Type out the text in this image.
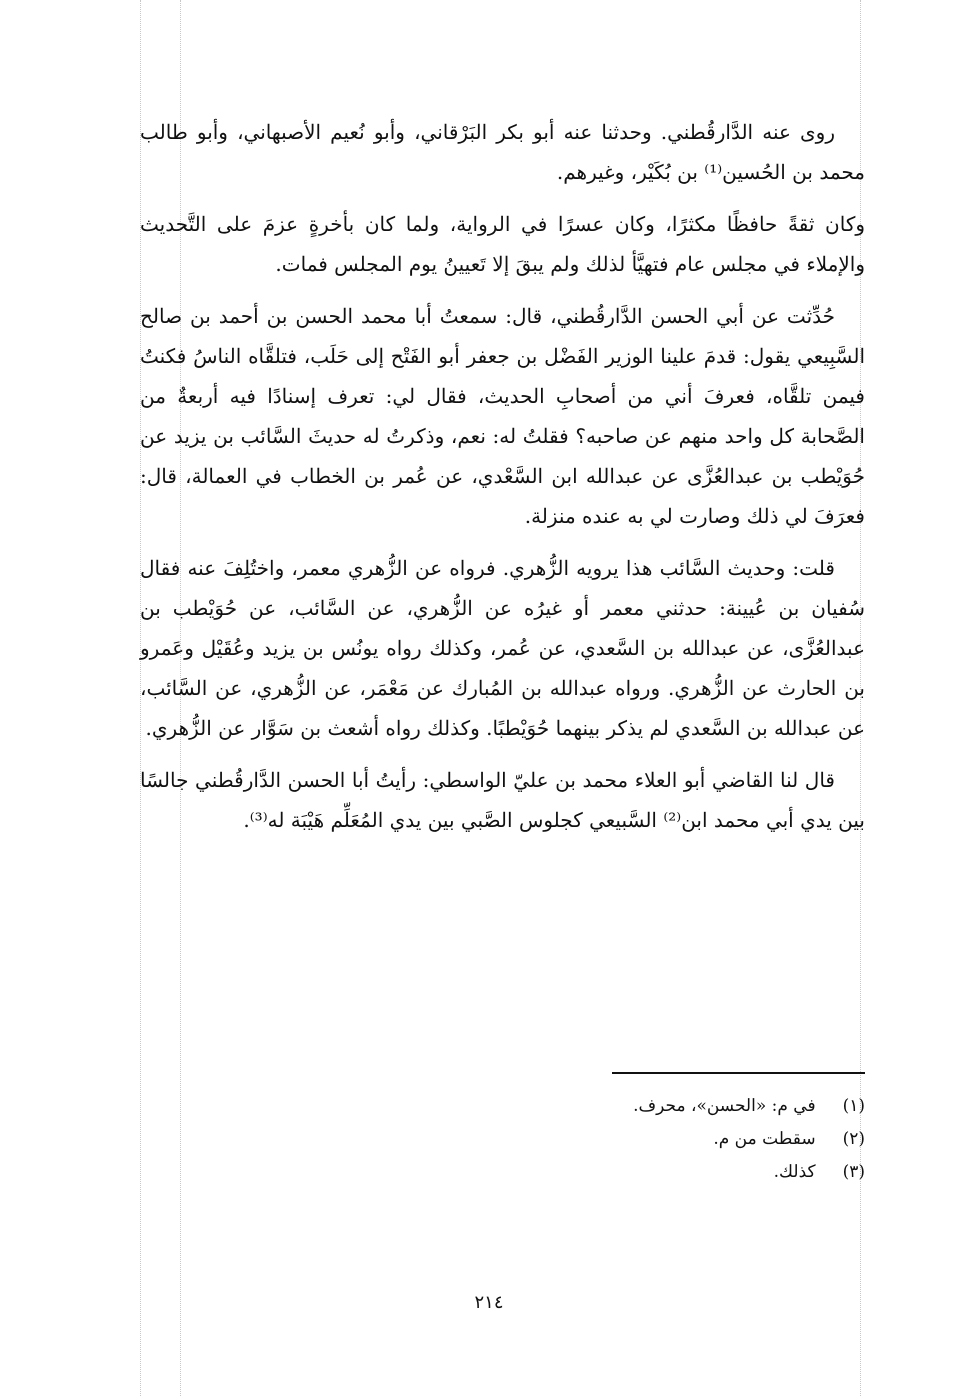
روى عنه الدَّارقُطني. وحدثنا عنه أبو بكر البَرْقاني، وأبو نُعيم الأصبهاني، وأبو طالب محمد بن الحُسين⁽¹⁾ بن بُكَيْر، وغيرهم.

وكان ثقةً حافظًا مكثرًا، وكان عسرًا في الرواية، ولما كان بأخرةٍ عزمَ على التَّحديث والإملاء في مجلس عام فتهيَّأ لذلك ولم يبقَ إلا تَعيينُ يوم المجلس فمات.

حُدِّثت عن أبي الحسن الدَّارقُطني، قال: سمعتُ أبا محمد الحسن بن أحمد بن صالح السَّبِيعي يقول: قدمَ علينا الوزير الفَضْل بن جعفر أبو الفَتْح إلى حَلَب، فتلقَّاه الناسُ فكنتُ فيمن تلقَّاه، فعرفَ أني من أصحابِ الحديث، فقال لي: تعرف إسنادًا فيه أربعةٌ من الصَّحابة كل واحد منهم عن صاحبه؟ فقلتُ له: نعم، وذكرتُ له حديثَ السَّائب بن يزيد عن حُوَيْطب بن عبدالعُزَّى عن عبدالله ابن السَّعْدي، عن عُمر بن الخطاب في العمالة، قال: فعرَفَ لي ذلك وصارت لي به عنده منزلة.

قلت: وحديث السَّائب هذا يرويه الزُّهري. فرواه عن الزُّهري معمر، واختُلِفَ عنه فقال سُفيان بن عُيينة: حدثني معمر أو غيرُه عن الزُّهري، عن السَّائب، عن حُوَيْطب بن عبدالعُزَّى، عن عبدالله بن السَّعدي، عن عُمر، وكذلك رواه يونُس بن يزيد وعُقَيْل وعَمرو بن الحارث عن الزُّهري. ورواه عبدالله بن المُبارك عن مَعْمَر، عن الزُّهري، عن السَّائب، عن عبدالله بن السَّعدي لم يذكر بينهما حُوَيْطبًا. وكذلك رواه أشعث بن سَوَّار عن الزُّهري.

قال لنا القاضي أبو العلاء محمد بن عليّ الواسطي: رأيتُ أبا الحسن الدَّارقُطني جالسًا بين يدي أبي محمد ابن⁽²⁾ السَّبيعي كجلوس الصَّبي بين يدي المُعَلِّم هَيْبَة له⁽³⁾.

(١) في م: «الحسن»، محرف.
(٢) سقطت من م.
(٣) كذلك.
٢١٤
